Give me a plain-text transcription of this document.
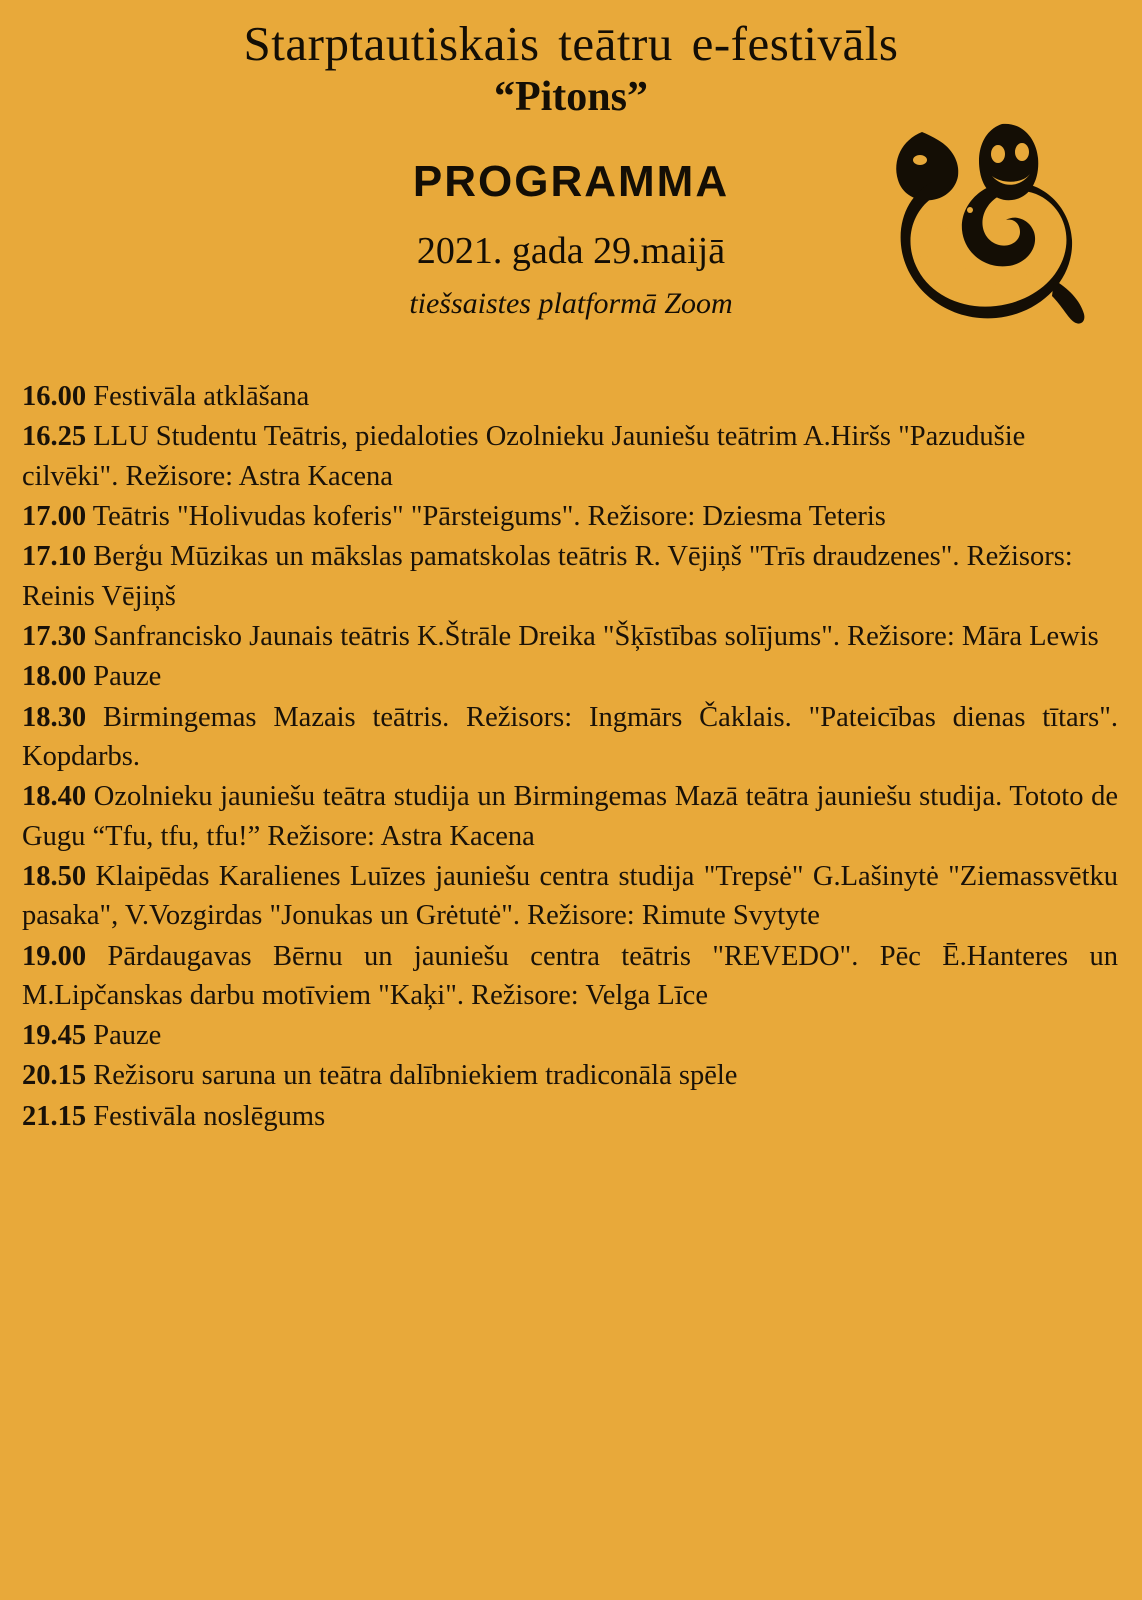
Starptautiskais teātru e-festivāls
“Pitons”
PROGRAMMA
2021. gada 29.maijā
tiešsaistes platformā Zoom
16.00 Festivāla atklāšana
16.25 LLU Studentu Teātris, piedaloties Ozolnieku Jauniešu teātrim A.Hiršs "Pazudušie cilvēki". Režisore: Astra Kacena
17.00 Teātris "Holivudas koferis" "Pārsteigums". Režisore: Dziesma Teteris
17.10 Berģu Mūzikas un mākslas pamatskolas teātris R. Vējiņš "Trīs draudzenes". Režisors: Reinis Vējiņš
17.30 Sanfrancisko Jaunais teātris K.Štrāle Dreika "Šķīstības solījums". Režisore: Māra Lewis
18.00 Pauze
18.30 Birmingemas Mazais teātris. Režisors: Ingmārs Čaklais. "Pateicības dienas tītars". Kopdarbs.
18.40 Ozolnieku jauniešu teātra studija un Birmingemas Mazā teātra jauniešu studija. Tototo de Gugu “Tfu, tfu, tfu!” Režisore: Astra Kacena
18.50 Klaipēdas Karalienes Luīzes jauniešu centra studija "Trepsė" G.Lašinytė "Ziemassvētku pasaka", V.Vozgirdas "Jonukas un Grėtutė". Režisore: Rimute Svytyte
19.00 Pārdaugavas Bērnu un jauniešu centra teātris "REVEDO". Pēc Ē.Hanteres un M.Lipčanskas darbu motīviem "Kaķi". Režisore: Velga Līce
19.45 Pauze
20.15 Režisoru saruna un teātra dalībniekiem tradiconālā spēle
21.15 Festivāla noslēgums
